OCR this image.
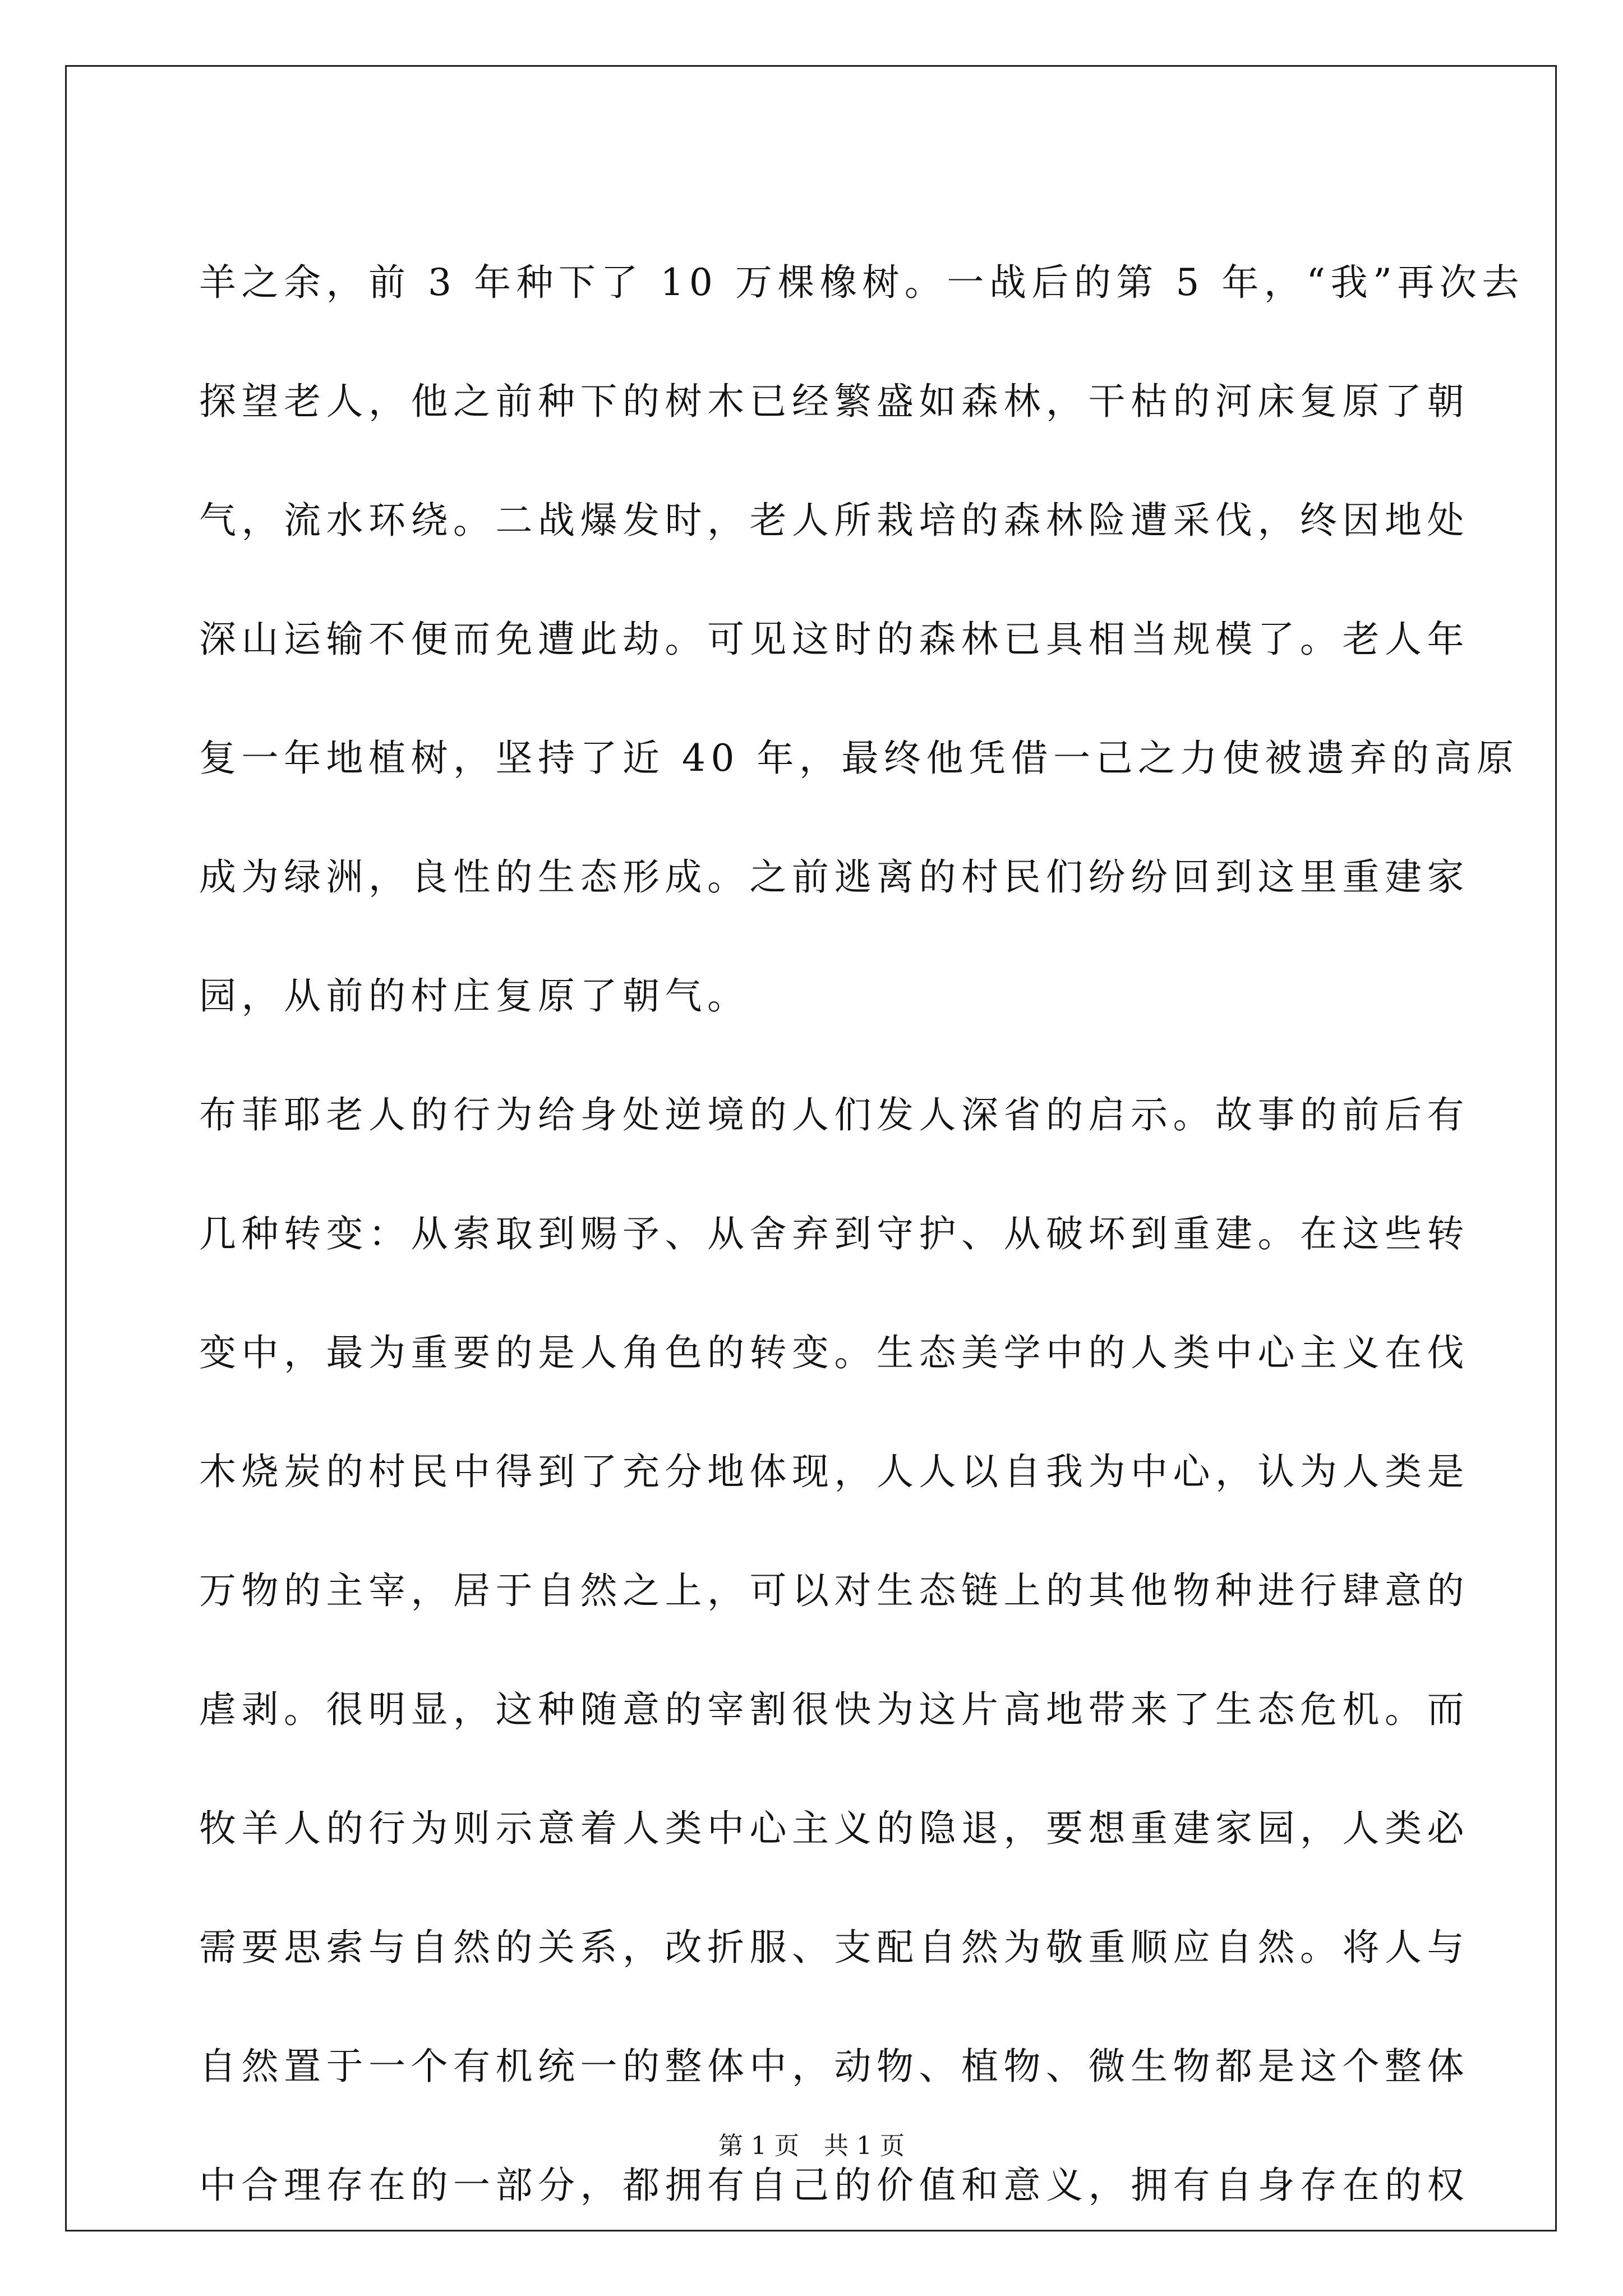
羊之余，前 3 年种下了 10 万棵橡树。一战后的第 5 年，“我”再次去
探望老人，他之前种下的树木已经繁盛如森林，干枯的河床复原了朝
气，流水环绕。二战爆发时，老人所栽培的森林险遭采伐，终因地处
深山运输不便而免遭此劫。可见这时的森林已具相当规模了。老人年
复一年地植树，坚持了近 40 年，最终他凭借一己之力使被遗弃的高原
成为绿洲，良性的生态形成。之前逃离的村民们纷纷回到这里重建家
园，从前的村庄复原了朝气。
布菲耶老人的行为给身处逆境的人们发人深省的启示。故事的前后有
几种转变：从索取到赐予、从舍弃到守护、从破坏到重建。在这些转
变中，最为重要的是人角色的转变。生态美学中的人类中心主义在伐
木烧炭的村民中得到了充分地体现，人人以自我为中心，认为人类是
万物的主宰，居于自然之上，可以对生态链上的其他物种进行肆意的
虐剥。很明显，这种随意的宰割很快为这片高地带来了生态危机。而
牧羊人的行为则示意着人类中心主义的隐退，要想重建家园，人类必
需要思索与自然的关系，改折服、支配自然为敬重顺应自然。将人与
自然置于一个有机统一的整体中，动物、植物、微生物都是这个整体
中合理存在的一部分，都拥有自己的价值和意义，拥有自身存在的权
第 1 页　共 1 页
